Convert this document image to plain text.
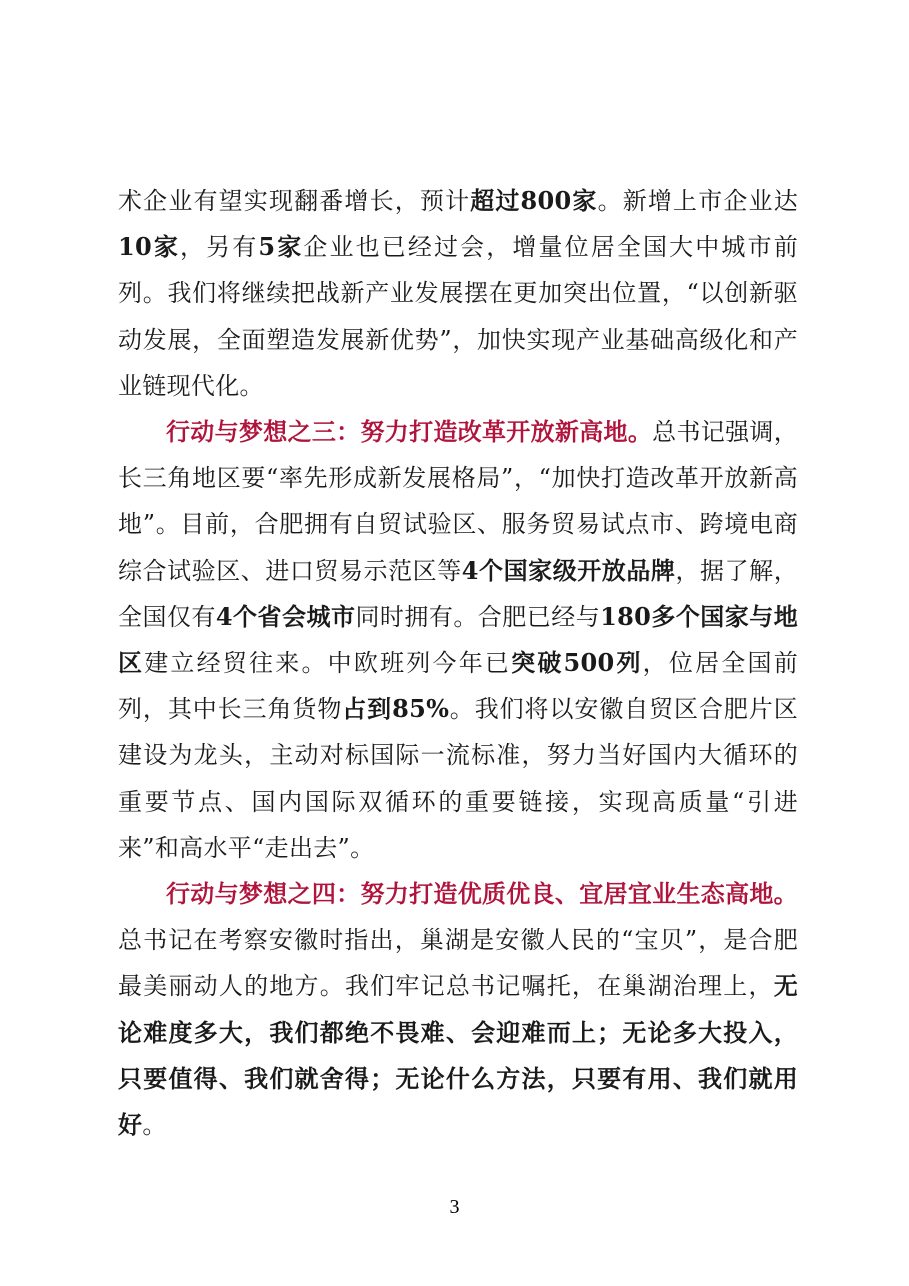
术企业有望实现翻番增长，预计超过800家。新增上市企业达10家，另有5家企业也已经过会，增量位居全国大中城市前列。我们将继续把战新产业发展摆在更加突出位置，“以创新驱动发展，全面塑造发展新优势”，加快实现产业基础高级化和产业链现代化。

行动与梦想之三：努力打造改革开放新高地。总书记强调，长三角地区要“率先形成新发展格局”，“加快打造改革开放新高地”。目前，合肥拥有自贸试验区、服务贸易试点市、跨境电商综合试验区、进口贸易示范区等4个国家级开放品牌，据了解，全国仅有4个省会城市同时拥有。合肥已经与180多个国家与地区建立经贸往来。中欧班列今年已突破500列，位居全国前列，其中长三角货物占到85%。我们将以安徽自贸区合肥片区建设为龙头，主动对标国际一流标准，努力当好国内大循环的重要节点、国内国际双循环的重要链接，实现高质量“引进来”和高水平“走出去”。

行动与梦想之四：努力打造优质优良、宜居宜业生态高地。总书记在考察安徽时指出，巢湖是安徽人民的“宝贝”，是合肥最美丽动人的地方。我们牢记总书记嘱托，在巢湖治理上，无论难度多大，我们都绝不畏难、会迎难而上；无论多大投入，只要值得、我们就舍得；无论什么方法，只要有用、我们就用好。

3
